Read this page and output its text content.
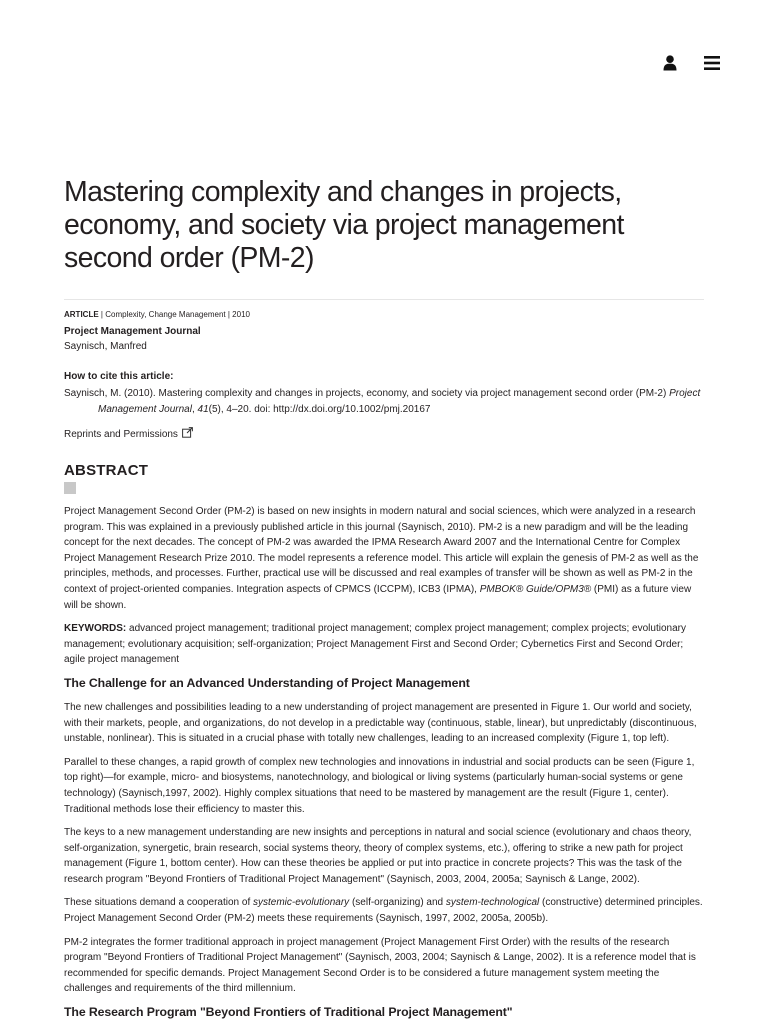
Mastering complexity and changes in projects, economy, and society via project management second order (PM-2)
ARTICLE | Complexity, Change Management | 2010
Project Management Journal
Saynisch, Manfred
How to cite this article:
Saynisch, M. (2010). Mastering complexity and changes in projects, economy, and society via project management second order (PM-2) Project Management Journal, 41(5), 4–20. doi: http://dx.doi.org/10.1002/pmj.20167
Reprints and Permissions
ABSTRACT

Project Management Second Order (PM-2) is based on new insights in modern natural and social sciences, which were analyzed in a research program. This was explained in a previously published article in this journal (Saynisch, 2010). PM-2 is a new paradigm and will be the leading concept for the next decades. The concept of PM-2 was awarded the IPMA Research Award 2007 and the International Centre for Complex Project Management Research Prize 2010. The model represents a reference model. This article will explain the genesis of PM-2 as well as the principles, methods, and processes. Further, practical use will be discussed and real examples of transfer will be shown as well as PM-2 in the context of project-oriented companies. Integration aspects of CPMCS (ICCPM), ICB3 (IPMA), PMBOK® Guide/OPM3® (PMI) as a future view will be shown.

KEYWORDS: advanced project management; traditional project management; complex project management; complex projects; evolutionary management; evolutionary acquisition; self-organization; Project Management First and Second Order; Cybernetics First and Second Order; agile project management

The Challenge for an Advanced Understanding of Project Management

The new challenges and possibilities leading to a new understanding of project management are presented in Figure 1. Our world and society, with their markets, people, and organizations, do not develop in a predictable way (continuous, stable, linear), but unpredictably (discontinuous, unstable, nonlinear). This is situated in a crucial phase with totally new challenges, leading to an increased complexity (Figure 1, top left).

Parallel to these changes, a rapid growth of complex new technologies and innovations in industrial and social products can be seen (Figure 1, top right)—for example, micro- and biosystems, nanotechnology, and biological or living systems (particularly human-social systems or gene technology) (Saynisch,1997, 2002). Highly complex situations that need to be mastered by management are the result (Figure 1, center). Traditional methods lose their efficiency to master this.

The keys to a new management understanding are new insights and perceptions in natural and social science (evolutionary and chaos theory, self-organization, synergetic, brain research, social systems theory, theory of complex systems, etc.), offering to strike a new path for project management (Figure 1, bottom center). How can these theories be applied or put into practice in concrete projects? This was the task of the research program "Beyond Frontiers of Traditional Project Management" (Saynisch, 2003, 2004, 2005a; Saynisch & Lange, 2002).

These situations demand a cooperation of systemic-evolutionary (self-organizing) and system-technological (constructive) determined principles. Project Management Second Order (PM-2) meets these requirements (Saynisch, 1997, 2002, 2005a, 2005b).

PM-2 integrates the former traditional approach in project management (Project Management First Order) with the results of the research program "Beyond Frontiers of Traditional Project Management" (Saynisch, 2003, 2004; Saynisch & Lange, 2002). It is a reference model that is recommended for specific demands. Project Management Second Order is to be considered a future management system meeting the challenges and requirements of the third millennium.

The Research Program "Beyond Frontiers of Traditional Project Management"
